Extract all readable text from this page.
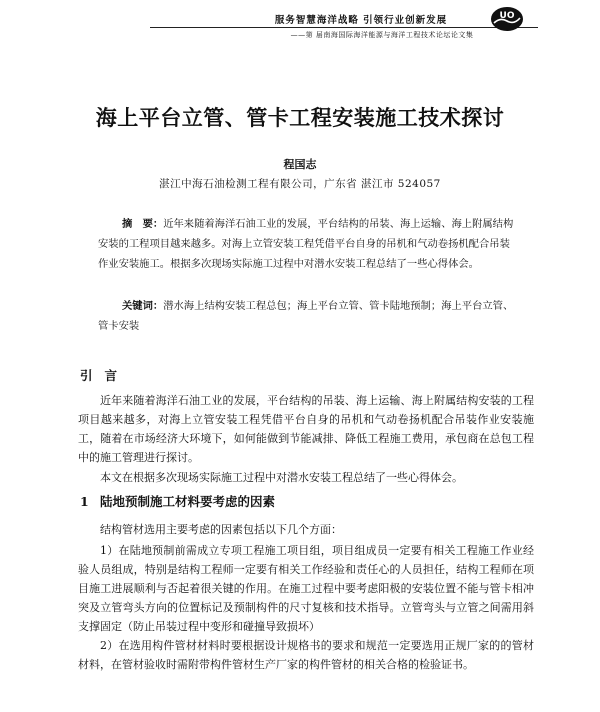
服务智慧海洋战略 引领行业创新发展
——第 届南海国际海洋能源与海洋工程技术论坛论文集
UO
海上平台立管、管卡工程安装施工技术探讨
程国志
湛江中海石油检测工程有限公司，广东省 湛江市 524057
摘　要：近年来随着海洋石油工业的发展，平台结构的吊装、海上运输、海上附属结构安装的工程项目越来越多。对海上立管安装工程凭借平台自身的吊机和气动卷扬机配合吊装作业安装施工。根据多次现场实际施工过程中对潜水安装工程总结了一些心得体会。
关键词：潜水海上结构安装工程总包；海上平台立管、管卡陆地预制；海上平台立管、管卡安装
引言
近年来随着海洋石油工业的发展，平台结构的吊装、海上运输、海上附属结构安装的工程项目越来越多，对海上立管安装工程凭借平台自身的吊机和气动卷扬机配合吊装作业安装施工，随着在市场经济大环境下，如何能做到节能减排、降低工程施工费用，承包商在总包工程中的施工管理进行探讨。
本文在根据多次现场实际施工过程中对潜水安装工程总结了一些心得体会。
1 陆地预制施工材料要考虑的因素
结构管材选用主要考虑的因素包括以下几个方面：
1）在陆地预制前需成立专项工程施工项目组，项目组成员一定要有相关工程施工作业经验人员组成，特别是结构工程师一定要有相关工作经验和责任心的人员担任，结构工程师在项目施工进展顺利与否起着很关键的作用。在施工过程中要考虑阳极的安装位置不能与管卡相冲突及立管弯头方向的位置标记及预制构件的尺寸复核和技术指导。立管弯头与立管之间需用斜支撑固定（防止吊装过程中变形和碰撞导致损坏）
2）在选用构件管材材料时要根据设计规格书的要求和规范一定要选用正规厂家的的管材材料，在管材验收时需附带构件管材生产厂家的构件管材的相关合格的检验证书。
